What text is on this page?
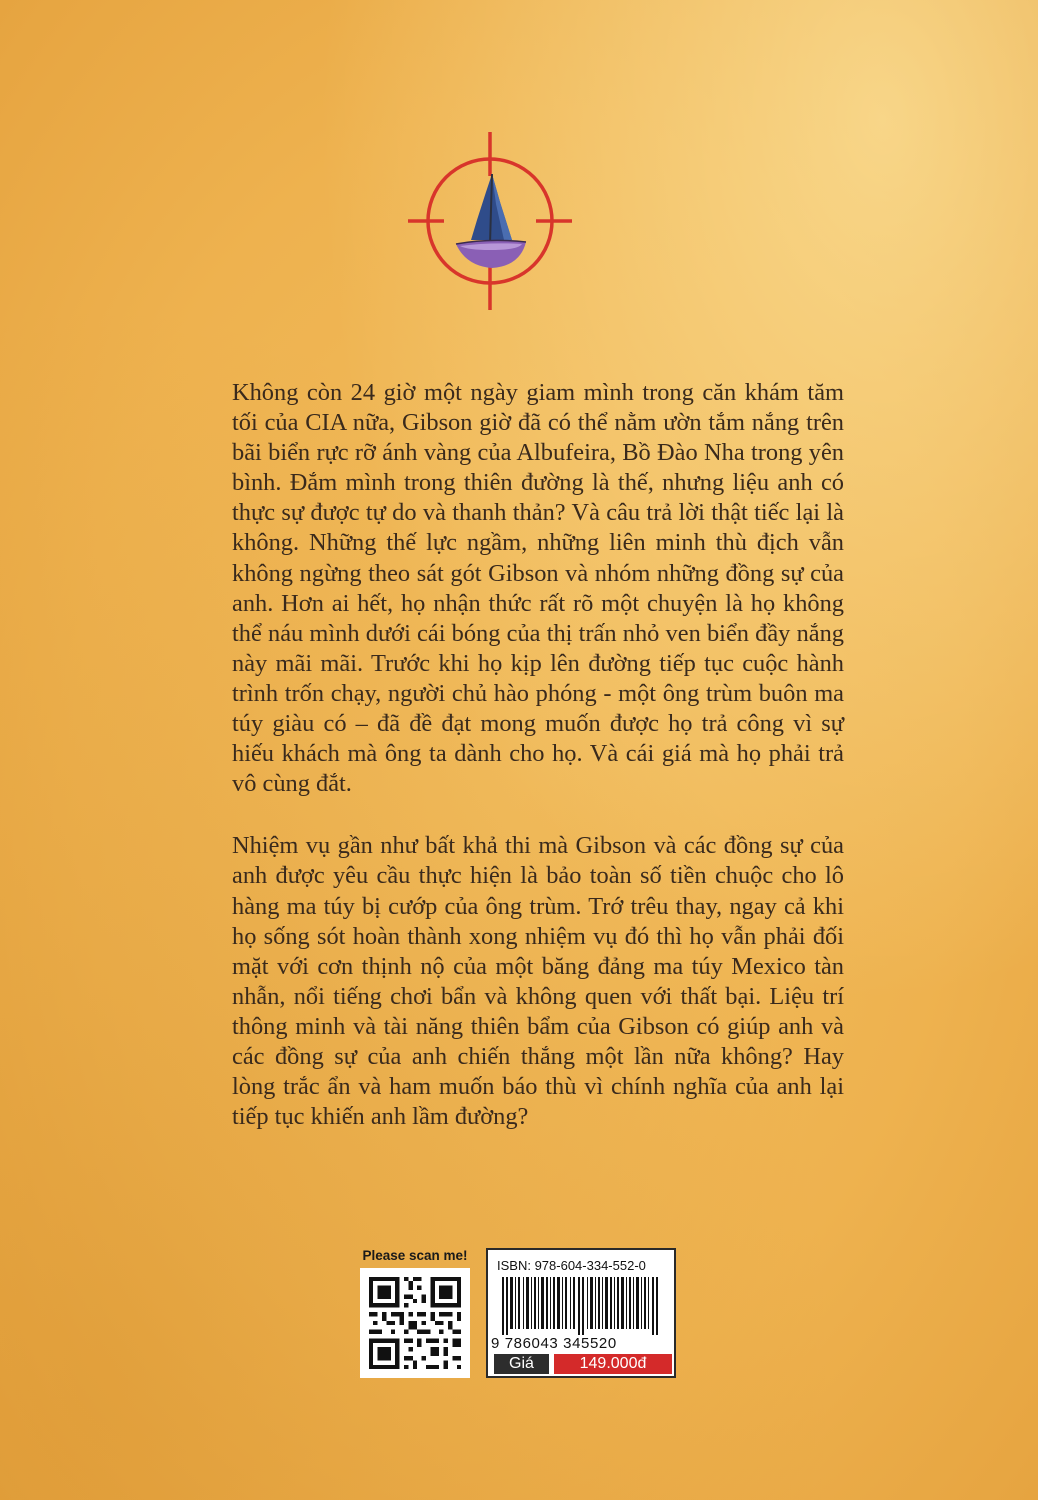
Không còn 24 giờ một ngày giam mình trong căn khám tăm tối của CIA nữa, Gibson giờ đã có thể nằm ườn tắm nắng trên bãi biển rực rỡ ánh vàng của Albufeira, Bồ Đào Nha trong yên bình. Đắm mình trong thiên đường là thế, nhưng liệu anh có thực sự được tự do và thanh thản? Và câu trả lời thật tiếc lại là không. Những thế lực ngầm, những liên minh thù địch vẫn không ngừng theo sát gót Gibson và nhóm những đồng sự của anh. Hơn ai hết, họ nhận thức rất rõ một chuyện là họ không thể náu mình dưới cái bóng của thị trấn nhỏ ven biển đầy nắng này mãi mãi. Trước khi họ kịp lên đường tiếp tục cuộc hành trình trốn chạy, người chủ hào phóng - một ông trùm buôn ma túy giàu có – đã đề đạt mong muốn được họ trả công vì sự hiếu khách mà ông ta dành cho họ. Và cái giá mà họ phải trả vô cùng đắt.

Nhiệm vụ gần như bất khả thi mà Gibson và các đồng sự của anh được yêu cầu thực hiện là bảo toàn số tiền chuộc cho lô hàng ma túy bị cướp của ông trùm. Trớ trêu thay, ngay cả khi họ sống sót hoàn thành xong nhiệm vụ đó thì họ vẫn phải đối mặt với cơn thịnh nộ của một băng đảng ma túy Mexico tàn nhẫn, nổi tiếng chơi bẩn và không quen với thất bại. Liệu trí thông minh và tài năng thiên bẩm của Gibson có giúp anh và các đồng sự của anh chiến thắng một lần nữa không? Hay lòng trắc ẩn và ham muốn báo thù vì chính nghĩa của anh lại tiếp tục khiến anh lầm đường?

Please scan me!
ISBN: 978-604-334-552-0
9 786043 345520
Giá	149.000đ
